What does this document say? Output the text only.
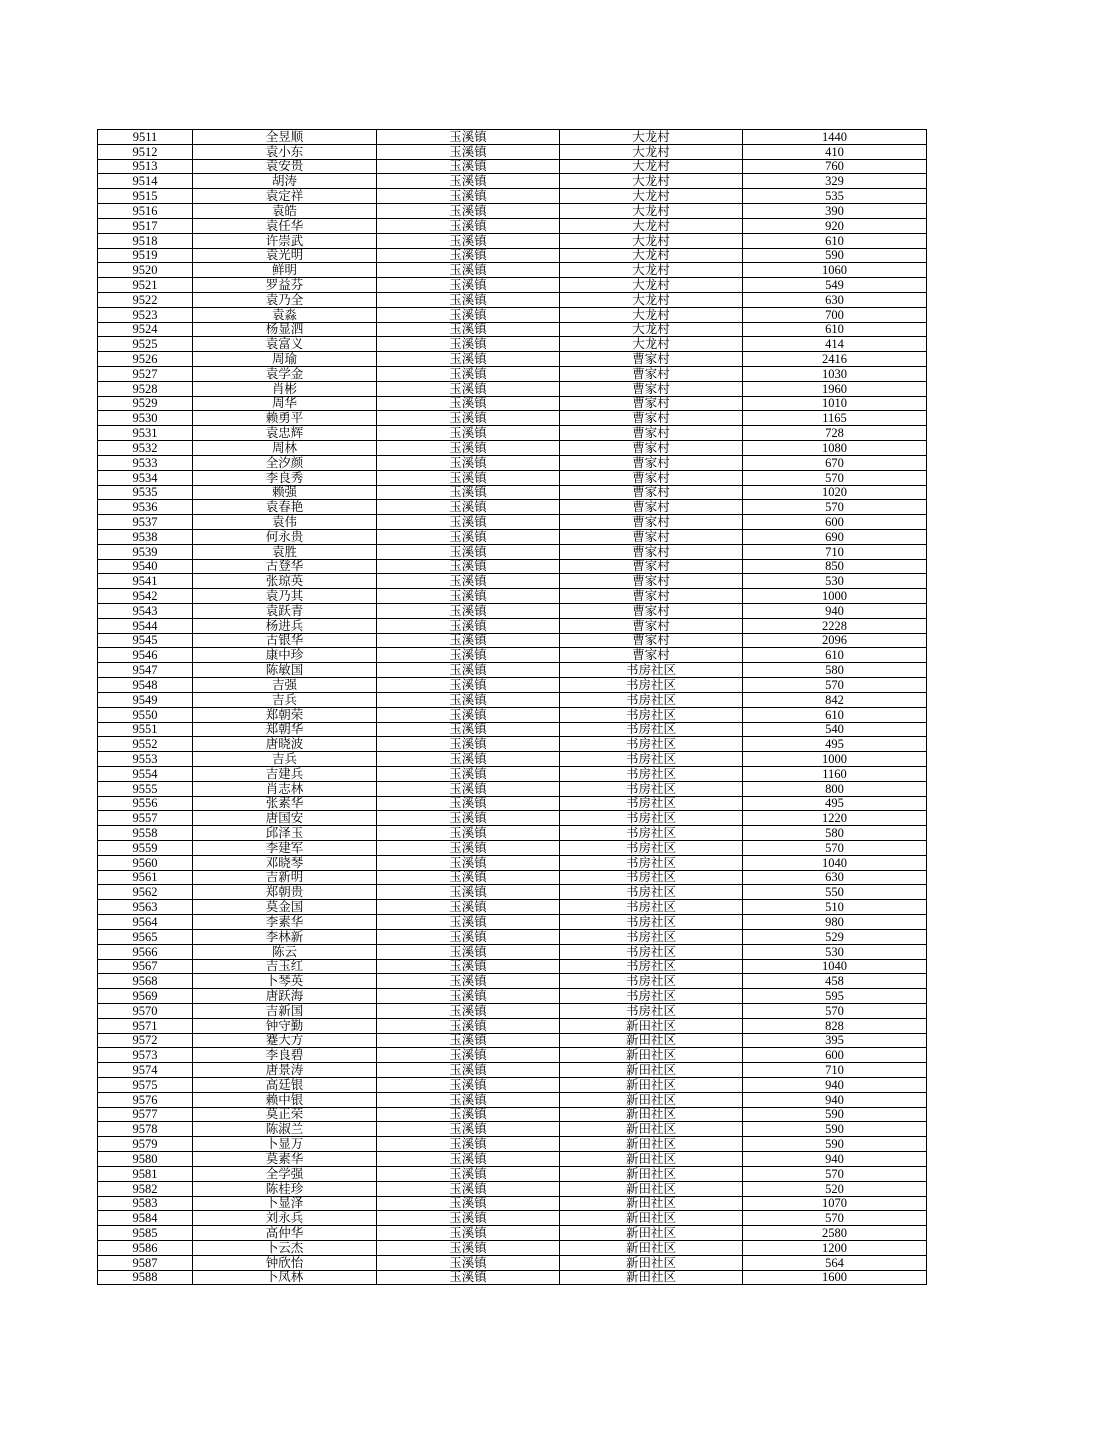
9511	全昱顺	玉溪镇	大龙村	1440
9512	袁小东	玉溪镇	大龙村	410
9513	袁安贵	玉溪镇	大龙村	760
9514	胡涛	玉溪镇	大龙村	329
9515	袁定祥	玉溪镇	大龙村	535
9516	袁皓	玉溪镇	大龙村	390
9517	袁任华	玉溪镇	大龙村	920
9518	许崇武	玉溪镇	大龙村	610
9519	袁光明	玉溪镇	大龙村	590
9520	鲜明	玉溪镇	大龙村	1060
9521	罗益芬	玉溪镇	大龙村	549
9522	袁乃全	玉溪镇	大龙村	630
9523	袁淼	玉溪镇	大龙村	700
9524	杨显泗	玉溪镇	大龙村	610
9525	袁富义	玉溪镇	大龙村	414
9526	周瑜	玉溪镇	曹家村	2416
9527	袁学金	玉溪镇	曹家村	1030
9528	肖彬	玉溪镇	曹家村	1960
9529	周华	玉溪镇	曹家村	1010
9530	赖勇平	玉溪镇	曹家村	1165
9531	袁忠辉	玉溪镇	曹家村	728
9532	周林	玉溪镇	曹家村	1080
9533	全汐颜	玉溪镇	曹家村	670
9534	李良秀	玉溪镇	曹家村	570
9535	赖强	玉溪镇	曹家村	1020
9536	袁春艳	玉溪镇	曹家村	570
9537	袁伟	玉溪镇	曹家村	600
9538	何永贵	玉溪镇	曹家村	690
9539	袁胜	玉溪镇	曹家村	710
9540	古登华	玉溪镇	曹家村	850
9541	张琼英	玉溪镇	曹家村	530
9542	袁乃其	玉溪镇	曹家村	1000
9543	袁跃青	玉溪镇	曹家村	940
9544	杨进兵	玉溪镇	曹家村	2228
9545	古银华	玉溪镇	曹家村	2096
9546	康中珍	玉溪镇	曹家村	610
9547	陈敏国	玉溪镇	书房社区	580
9548	吉强	玉溪镇	书房社区	570
9549	吉兵	玉溪镇	书房社区	842
9550	郑朝荣	玉溪镇	书房社区	610
9551	郑朝华	玉溪镇	书房社区	540
9552	唐晓波	玉溪镇	书房社区	495
9553	吉兵	玉溪镇	书房社区	1000
9554	吉建兵	玉溪镇	书房社区	1160
9555	肖志林	玉溪镇	书房社区	800
9556	张素华	玉溪镇	书房社区	495
9557	唐国安	玉溪镇	书房社区	1220
9558	邱泽玉	玉溪镇	书房社区	580
9559	李建军	玉溪镇	书房社区	570
9560	邓晓琴	玉溪镇	书房社区	1040
9561	吉新明	玉溪镇	书房社区	630
9562	郑朝贵	玉溪镇	书房社区	550
9563	莫金国	玉溪镇	书房社区	510
9564	李素华	玉溪镇	书房社区	980
9565	李林新	玉溪镇	书房社区	529
9566	陈云	玉溪镇	书房社区	530
9567	吉玉红	玉溪镇	书房社区	1040
9568	卜琴英	玉溪镇	书房社区	458
9569	唐跃海	玉溪镇	书房社区	595
9570	吉新国	玉溪镇	书房社区	570
9571	钟守勤	玉溪镇	新田社区	828
9572	蹇大方	玉溪镇	新田社区	395
9573	李良碧	玉溪镇	新田社区	600
9574	唐景涛	玉溪镇	新田社区	710
9575	高廷银	玉溪镇	新田社区	940
9576	赖中银	玉溪镇	新田社区	940
9577	莫正荣	玉溪镇	新田社区	590
9578	陈淑兰	玉溪镇	新田社区	590
9579	卜显万	玉溪镇	新田社区	590
9580	莫素华	玉溪镇	新田社区	940
9581	全学强	玉溪镇	新田社区	570
9582	陈桂珍	玉溪镇	新田社区	520
9583	卜显泽	玉溪镇	新田社区	1070
9584	刘永兵	玉溪镇	新田社区	570
9585	高仲华	玉溪镇	新田社区	2580
9586	卜云杰	玉溪镇	新田社区	1200
9587	钟欣怡	玉溪镇	新田社区	564
9588	卜凤林	玉溪镇	新田社区	1600
